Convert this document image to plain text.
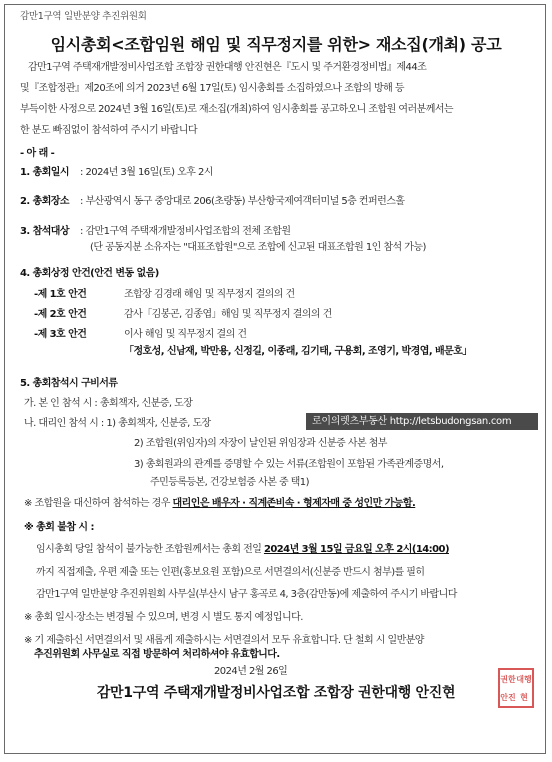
감만1구역 일반분양 추진위원회
임시총회<조합임원 해임 및 직무정지를 위한> 재소집(개최) 공고
감만1구역 주택재개발정비사업조합 조합장 권한대행 안진현은『도시 및 주거환경정비법』제44조
및『조합정관』제20조에 의거 2023년 6월 17일(토) 임시총회를 소집하였으나 조합의 방해 등
부득이한 사정으로 2024년 3월 16일(토)로 재소집(개최)하여 임시총회를 공고하오니 조합원 여러분께서는
한 분도 빠짐없이 참석하여 주시기 바랍니다
- 아 래 -
1. 총회일시 : 2024년 3월 16일(토) 오후 2시
2. 총회장소 : 부산광역시 동구 중앙대로 206(초량동) 부산항국제여객터미널 5층 컨퍼런스홀
3. 참석대상 : 감만1구역 주택재개발정비사업조합의 전체 조합원
(단 공동지분 소유자는 "대표조합원"으로 조합에 신고된 대표조합원 1인 참석 가능)
4. 총회상정 안건(안건 변동 없음)
-제 1호 안건	조합장 김경래 해임 및 직무정지 결의의 건
-제 2호 안건	감사「김봉곤, 김종엽」해임 및 직무정지 결의의 건
-제 3호 안건	이사 해임 및 직무정지 결의 건
「정호성, 신남재, 박만용, 신정길, 이종래, 김기태, 구용회, 조영기, 박경엽, 배문호」
5. 총회참석시 구비서류
가. 본 인 참석 시 : 총회책자, 신분증, 도장
나. 대리인 참석 시 : 1) 총회책자, 신분증, 도장	로이의렛츠부동산 http://letsbudongsan.com
2) 조합원(위임자)의 자장이 날인된 위임장과 신분증 사본 첨부
3) 총회원과의 관계를 증명할 수 있는 서류(조합원이 포함된 가족관계증명서,
주민등록등본, 건강보험증 사본 중 택1)
※ 조합원을 대신하여 참석하는 경우 대리인은 배우자 · 직계존비속 · 형제자매 중 성인만 가능함.
※ 총회 불참 시 :
임시총회 당일 참석이 불가능한 조합원께서는 총회 전일 2024년 3월 15일 금요일 오후 2시(14:00)
까지 직접제출, 우편 제출 또는 인편(홍보요원 포함)으로 서면결의서(신분증 반드시 첨부)를 필히
감만1구역 일반분양 추진위원회 사무실(부산시 남구 홍곡로 4, 3층(감만동)에 제출하여 주시기 바랍니다
※ 총회 일시·장소는 변경될 수 있으며, 변경 시 별도 통지 예정입니다.
※ 기 제출하신 서면결의서 및 새롭게 제출하시는 서면결의서 모두 유효합니다. 단 철회 시 일반분양
추진위원회 사무실로 직접 방문하여 처리하셔야 유효합니다.
2024년 2월 26일
감만1구역 주택재개발정비사업조합 조합장 권한대행 안진현
권한 대행
안진 현
